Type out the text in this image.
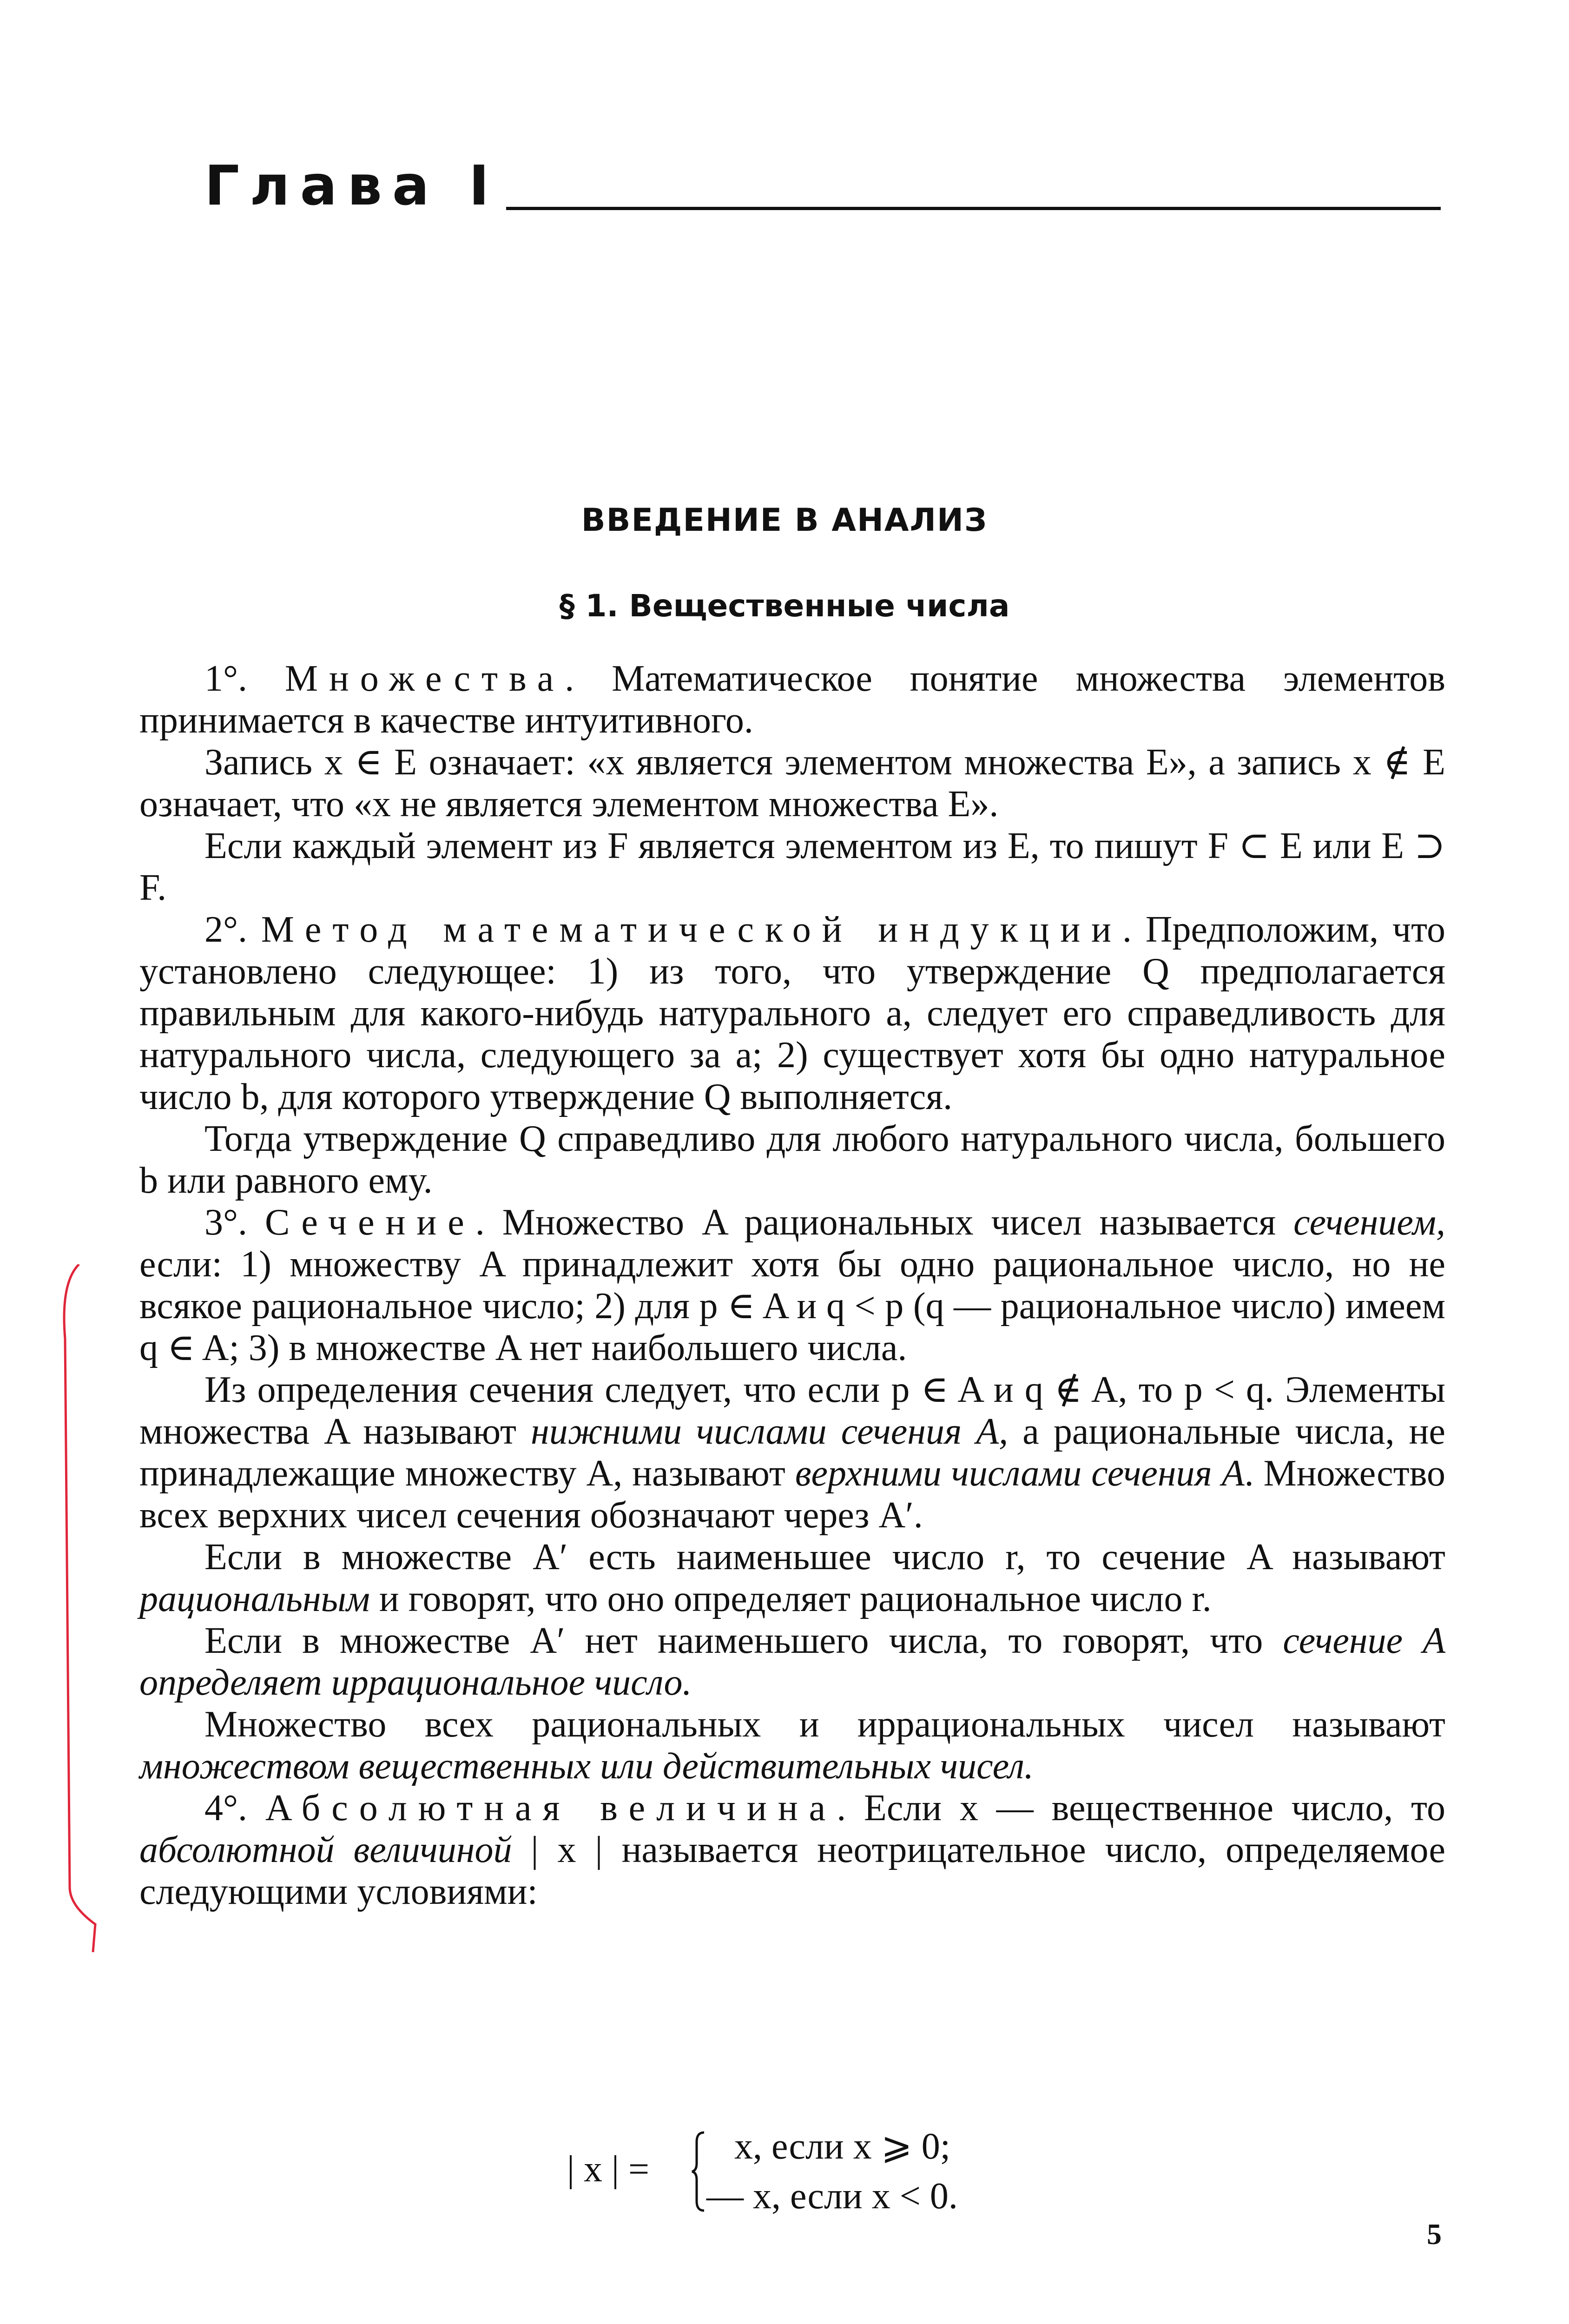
Глава I
ВВЕДЕНИЕ В АНАЛИЗ
§ 1. Вещественные числа

1°. Множества. Математическое понятие множества элементов принимается в качестве интуитивного.

Запись x ∈ E означает: «x является элементом множества E», а запись x ∉ E означает, что «x не является элементом множества E».

Если каждый элемент из F является элементом из E, то пишут F ⊂ E или E ⊃ F.

2°. Метод математической индукции. Предположим, что установлено следующее: 1) из того, что утверждение Q предполагается правильным для какого-нибудь натурального a, следует его справедливость для натурального числа, следующего за a; 2) существует хотя бы одно натуральное число b, для которого утверждение Q выполняется.

Тогда утверждение Q справедливо для любого натурального числа, большего b или равного ему.

3°. Сечение. Множество A рациональных чисел называется сечением, если: 1) множеству A принадлежит хотя бы одно рациональное число, но не всякое рациональное число; 2) для p ∈ A и q < p (q — рациональное число) имеем q ∈ A; 3) в множестве A нет наибольшего числа.

Из определения сечения следует, что если p ∈ A и q ∉ A, то p < q. Элементы множества A называют нижними числами сечения A, а рациональные числа, не принадлежащие множеству A, называют верхними числами сечения A. Множество всех верхних чисел сечения обозначают через A′.

Если в множестве A′ есть наименьшее число r, то сечение A называют рациональным и говорят, что оно определяет рациональное число r.

Если в множестве A′ нет наименьшего числа, то говорят, что сечение A определяет иррациональное число.

Множество всех рациональных и иррациональных чисел называют множеством вещественных или действительных чисел.

4°. Абсолютная величина. Если x — вещественное число, то абсолютной величиной | x | называется неотрицательное число, определяемое следующими условиями:

| x | =
x, если x ⩾ 0;
— x, если x < 0.
5
